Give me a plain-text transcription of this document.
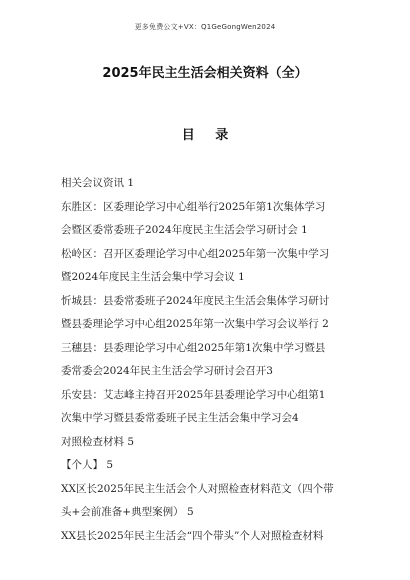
更多免费公文+VX：Q1GeGongWen2024
2025年民主生活会相关资料（全）
目 录
相关会议资讯 1
东胜区：区委理论学习中心组举行2025年第1次集体学习
会暨区委常委班子2024年度民主生活会学习研讨会 1
松岭区：召开区委理论学习中心组2025年第一次集中学习
暨2024年度民主生活会集中学习会议 1
忻城县：县委常委班子2024年度民主生活会集体学习研讨
暨县委理论学习中心组2025年第一次集中学习会议举行 2
三穗县：县委理论学习中心组2025年第1次集中学习暨县
委常委会2024年民主生活会学习研讨会召开3
乐安县：艾志峰主持召开2025年县委理论学习中心组第1
次集中学习暨县委常委班子民主生活会集中学习会4
对照检查材料 5
【个人】 5
XX区长2025年民主生活会个人对照检查材料范文（四个带
头+会前准备+典型案例） 5
XX县长2025年民主生活会“四个带头”个人对照检查材料
